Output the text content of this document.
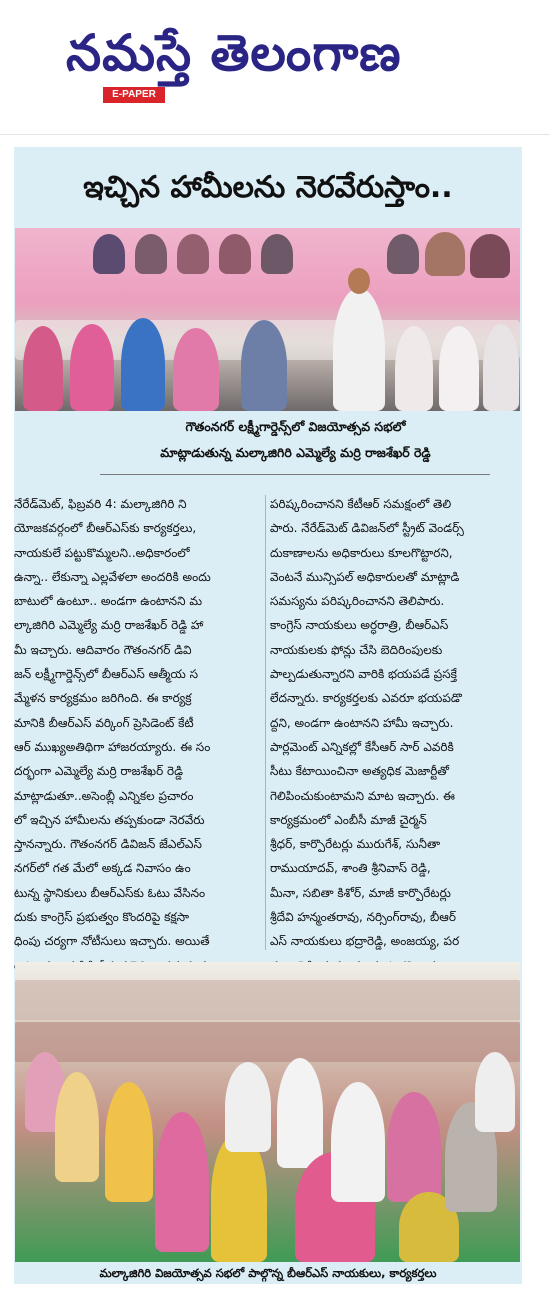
నమస్తే తెలంగాణ
E-PAPER
ఇచ్చిన హామీలను నెరవేరుస్తాం..
గౌతంనగర్ లక్ష్మీగార్డెన్స్‌లో విజయోత్సవ సభలో
మాట్లాడుతున్న మల్కాజిగిరి ఎమ్మెల్యే మర్రి రాజశేఖర్ రెడ్డి
నేరేడ్‌మెట్, ఫిబ్రవరి 4: మల్కాజిగిరి ని
యోజకవర్గంలో బీఆర్‌ఎస్‌కు కార్యకర్తలు,
నాయకులే పట్టుకొమ్మలని..అధికారంలో
ఉన్నా.. లేకున్నా ఎల్లవేళలా అందరికి అందు
బాటులో ఉంటూ.. అండగా ఉంటానని మ
ల్కాజిగిరి ఎమ్మెల్యే మర్రి రాజశేఖర్ రెడ్డి హా
మీ ఇచ్చారు. ఆదివారం గౌతంనగర్ డివి
జన్ లక్ష్మీగార్డెన్స్‌లో బీఆర్‌ఎస్ ఆత్మీయ స
మ్మేళన కార్యక్రమం జరిగింది. ఈ కార్యక్ర
మానికి బీఆర్‌ఎస్ వర్కింగ్ ప్రెసిడెంట్ కేటీ
ఆర్ ముఖ్యఅతిథిగా హాజరయ్యారు. ఈ సం
దర్భంగా ఎమ్మెల్యే మర్రి రాజశేఖర్ రెడ్డి
మాట్లాడుతూ..అసెంబ్లీ ఎన్నికల ప్రచారం
లో ఇచ్చిన హామీలను తప్పకుండా నెరవేరు
స్తానన్నారు. గౌతంనగర్ డివిజన్ జేఎల్‌ఎస్
నగర్‌లో గత మేలో అక్కడ నివాసం ఉం
టున్న స్థానికులు బీఆర్‌ఎస్‌కు ఓటు వేసినం
దుకు కాంగ్రెస్ ప్రభుత్వం కొందరిపై కక్షసా
ధింపు చర్యగా నోటీసులు ఇచ్చారు. అయితే
పరిష్కరించానని కేటీఆర్ సమక్షంలో తెలి
పారు. నేరేడ్‌మెట్ డివిజన్‌లో స్ట్రీట్ వెండర్స్
దుకాణాలను అధికారులు కూలగొట్టారని,
వెంటనే మున్సిపల్ అధికారులతో మాట్లాడి
సమస్యను పరిష్కరించానని తెలిపారు.
కాంగ్రెస్ నాయకులు అర్ధరాత్రి, బీఆర్‌ఎస్
నాయకులకు ఫోన్లు చేసి బెదిరింపులకు
పాల్పడుతున్నారని వారికి భయపడే ప్రసక్తే
లేదన్నారు. కార్యకర్తలకు ఎవరూ భయపడొ
ద్దని, అండగా ఉంటానని హామీ ఇచ్చారు.
పార్లమెంట్ ఎన్నికల్లో కేసీఆర్ సార్ ఎవరికి
సీటు కేటాయించినా అత్యధిక మెజార్టీతో
గెలిపించుకుంటామని మాట ఇచ్చారు. ఈ
కార్యక్రమంలో ఎంబీసీ మాజీ చైర్మన్
శ్రీధర్, కార్పొరేటర్లు మురుగేశ్, సునీతా
రాముయాదవ్, శాంతి శ్రీనివాస్ రెడ్డి,
మీనా, సబితా కిశోర్, మాజీ కార్పొరేటర్లు
శ్రీదేవి హన్మంతరావు, నర్సింగ్‌రావు, బీఆర్
ఎస్ నాయకులు భద్రారెడ్డి, అంజయ్య, పర
మల్కాజిగిరి విజయోత్సవ సభలో పాల్గొన్న బీఆర్‌ఎస్ నాయకులు, కార్యకర్తలు
